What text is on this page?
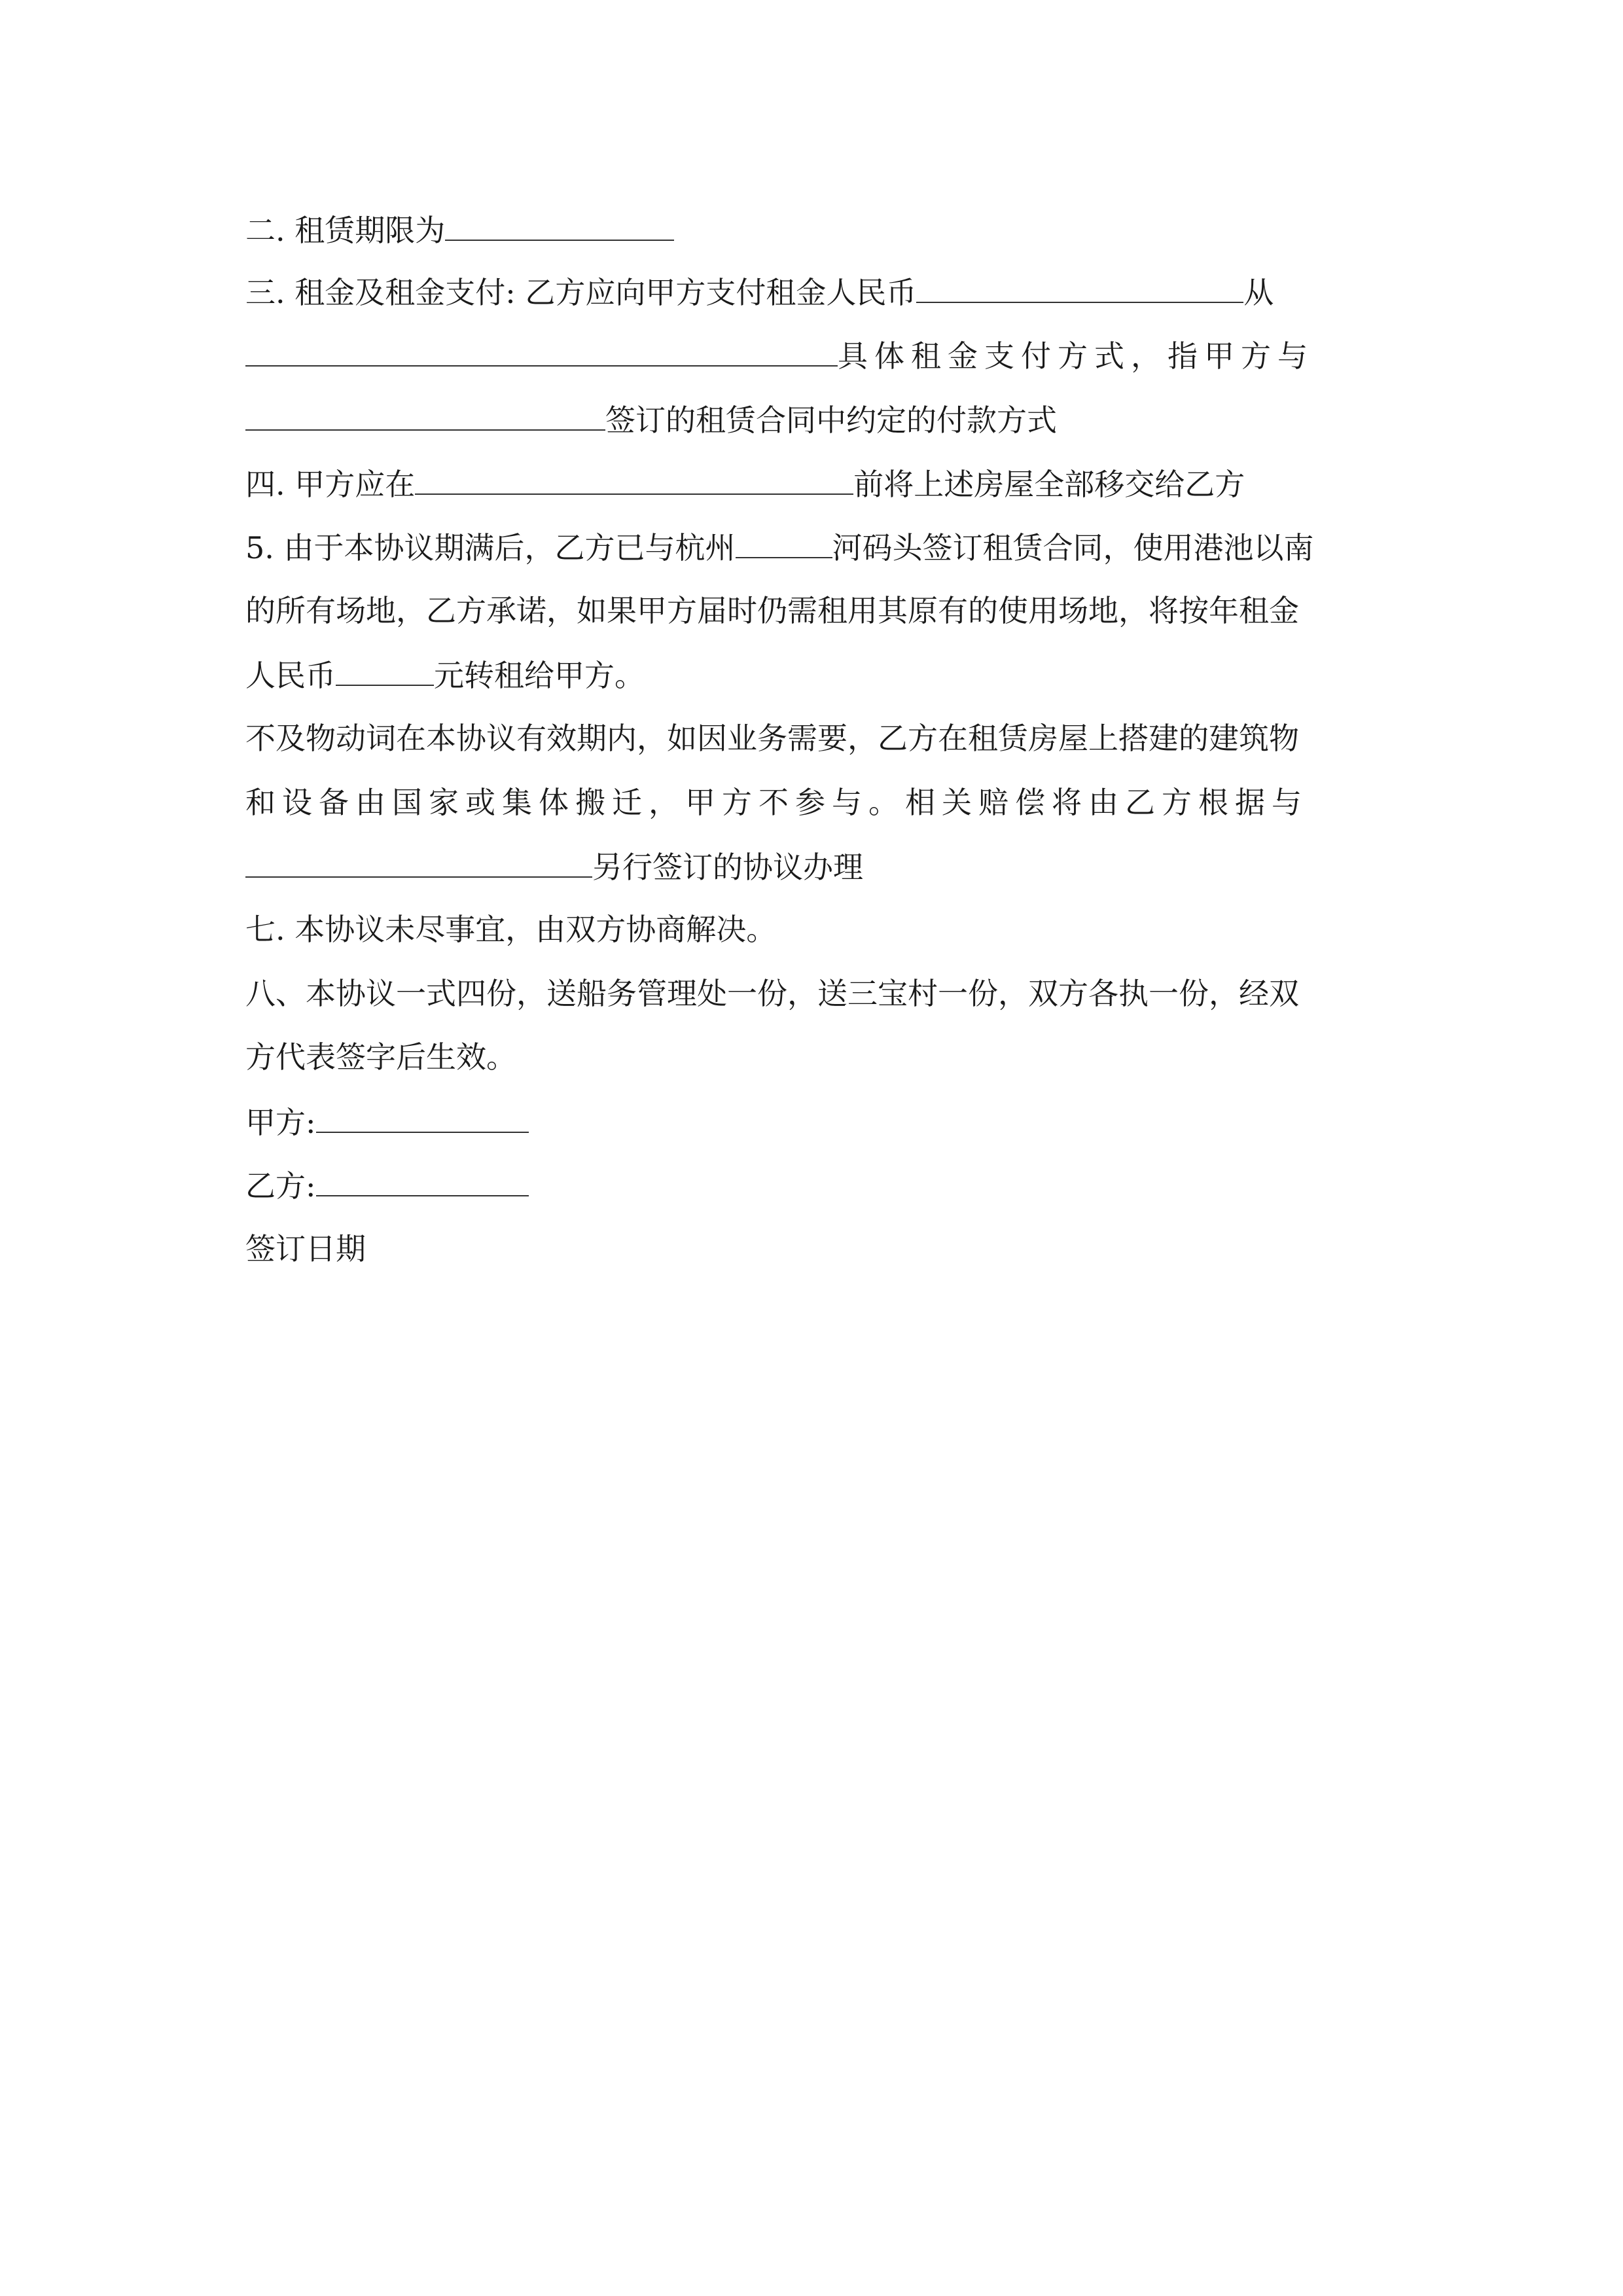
二. 租赁期限为
三. 租金及租金支付: 乙方应向甲方支付租金人民币	从
具体租金支付方式，指甲方与
签订的租赁合同中约定的付款方式
四. 甲方应在	前将上述房屋全部移交给乙方
5. 由于本协议期满后，乙方已与杭州	河码头签订租赁合同，使用港池以南
的所有场地，乙方承诺，如果甲方届时仍需租用其原有的使用场地，将按年租金
人民币	元转租给甲方。
不及物动词在本协议有效期内，如因业务需要，乙方在租赁房屋上搭建的建筑物
和设备由国家或集体搬迁，甲方不参与。相关赔偿将由乙方根据与
另行签订的协议办理
七. 本协议未尽事宜，由双方协商解决。
八、本协议一式四份，送船务管理处一份，送三宝村一份，双方各执一份，经双
方代表签字后生效。
甲方:
乙方:
签订日期
